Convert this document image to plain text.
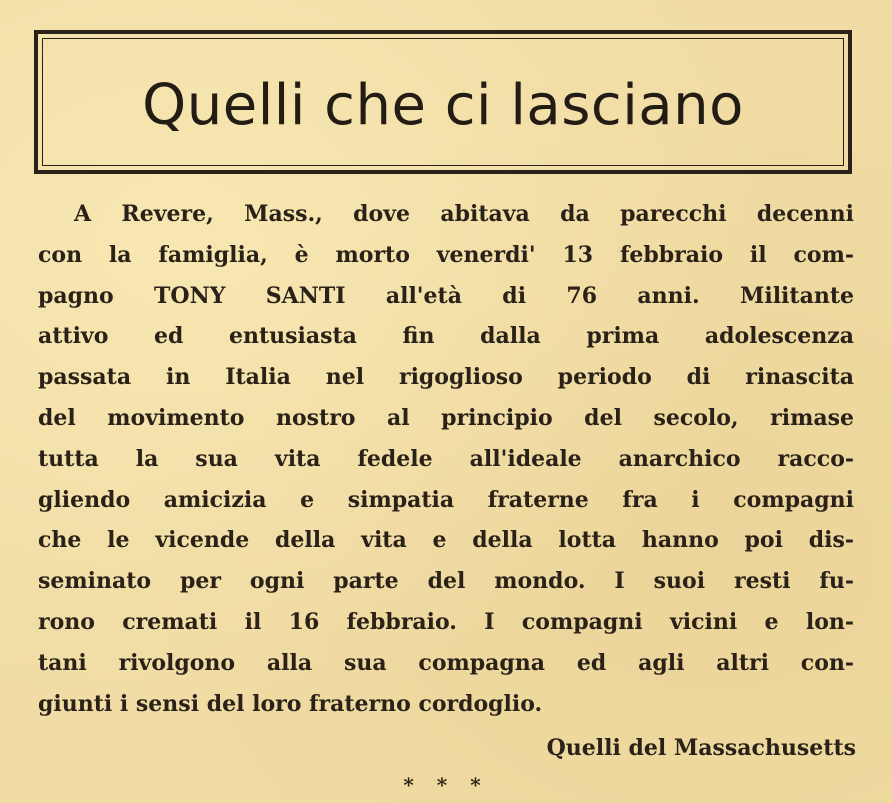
Quelli che ci lasciano
A Revere, Mass., dove abitava da parecchi decenni
con la famiglia, è morto venerdi' 13 febbraio il com-
pagno TONY SANTI all'età di 76 anni. Militante
attivo ed entusiasta fin dalla prima adolescenza
passata in Italia nel rigoglioso periodo di rinascita
del movimento nostro al principio del secolo, rimase
tutta la sua vita fedele all'ideale anarchico racco-
gliendo amicizia e simpatia fraterne fra i compagni
che le vicende della vita e della lotta hanno poi dis-
seminato per ogni parte del mondo. I suoi resti fu-
rono cremati il 16 febbraio. I compagni vicini e lon-
tani rivolgono alla sua compagna ed agli altri con-
giunti i sensi del loro fraterno cordoglio.
Quelli del Massachusetts
* * *
